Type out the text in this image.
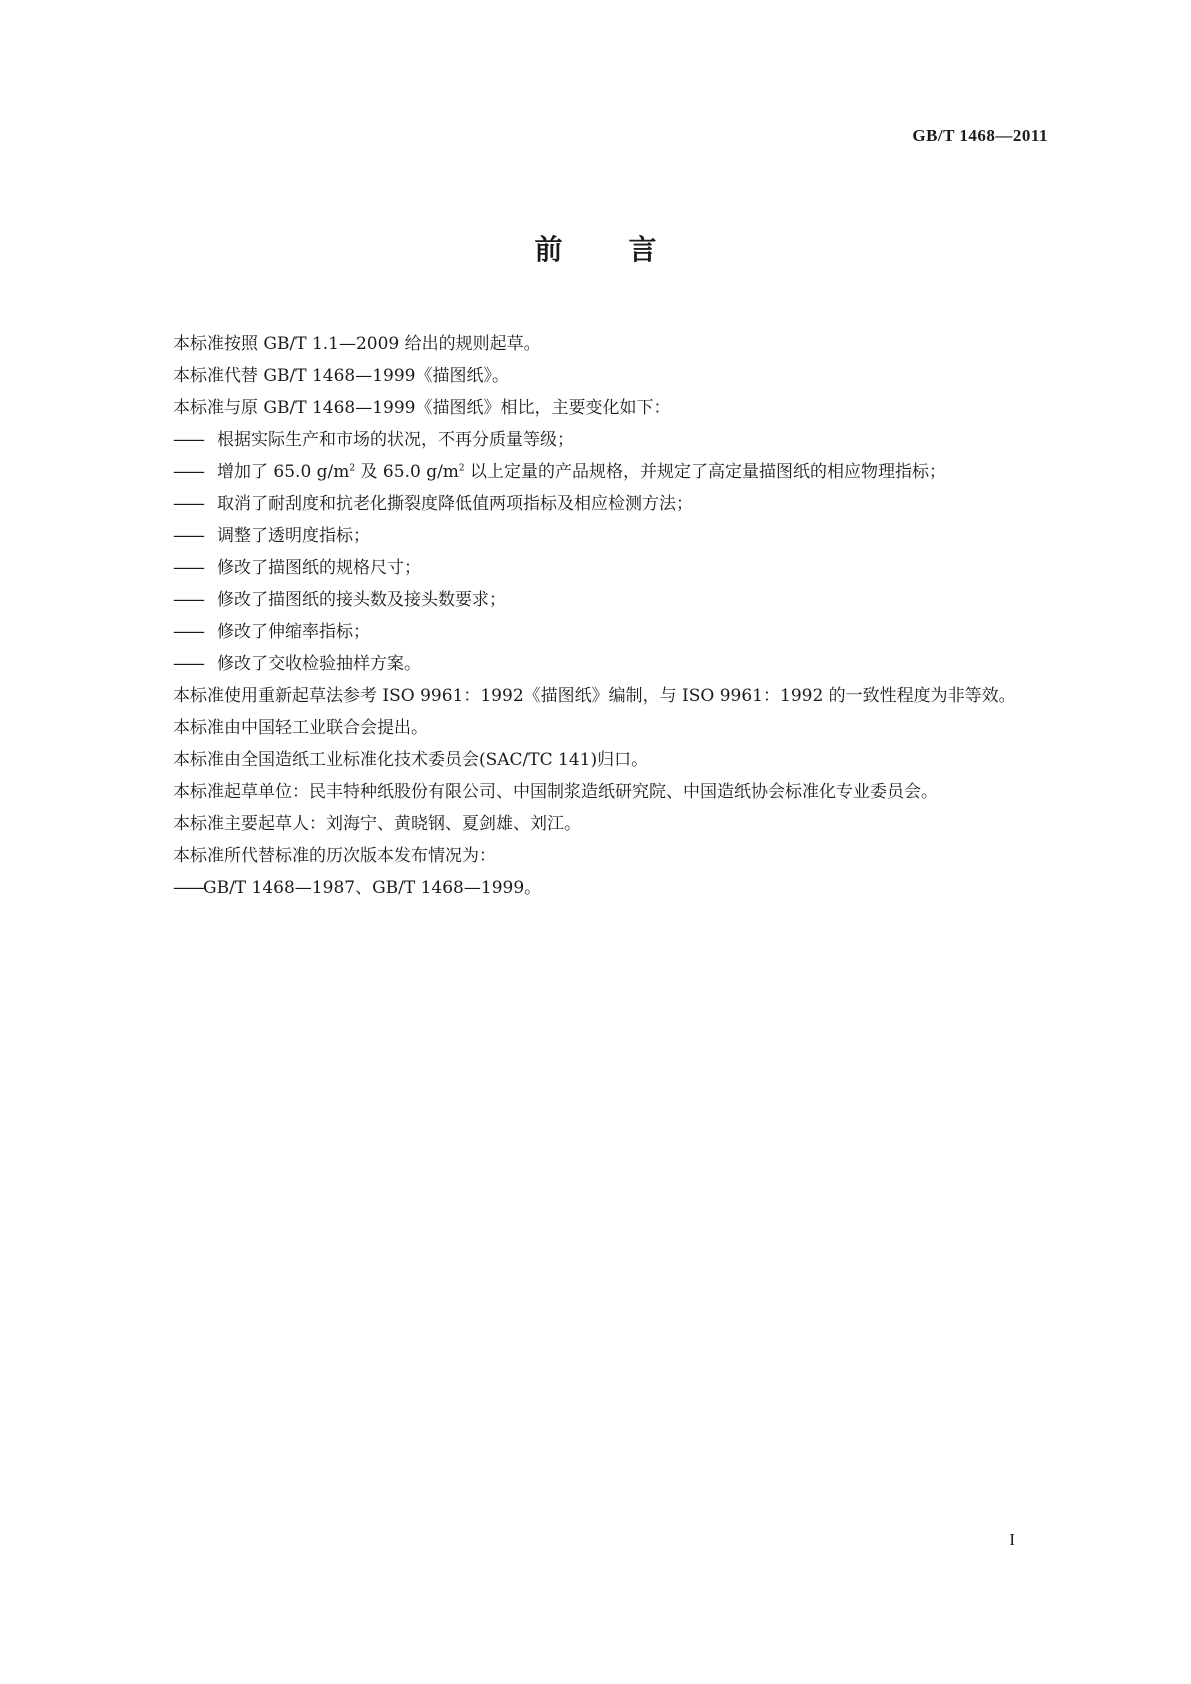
GB/T 1468—2011
前言

本标准按照 GB/T 1.1—2009 给出的规则起草。

本标准代替 GB/T 1468—1999《描图纸》。

本标准与原 GB/T 1468—1999《描图纸》相比，主要变化如下：

—— 根据实际生产和市场的状况，不再分质量等级；

—— 增加了 65.0 $g/m^2$ 及 65.0 $g/m^2$ 以上定量的产品规格，并规定了高定量描图纸的相应物理指标；

—— 取消了耐刮度和抗老化撕裂度降低值两项指标及相应检测方法；

—— 调整了透明度指标；

—— 修改了描图纸的规格尺寸；

—— 修改了描图纸的接头数及接头数要求；

—— 修改了伸缩率指标；

—— 修改了交收检验抽样方案。

本标准使用重新起草法参考 ISO 9961：1992《描图纸》编制，与 ISO 9961：1992 的一致性程度为非等效。

本标准由中国轻工业联合会提出。

本标准由全国造纸工业标准化技术委员会(SAC/TC 141)归口。

本标准起草单位：民丰特种纸股份有限公司、中国制浆造纸研究院、中国造纸协会标准化专业委员会。

本标准主要起草人：刘海宁、黄晓钢、夏剑雄、刘江。

本标准所代替标准的历次版本发布情况为：

——GB/T 1468—1987、GB/T 1468—1999。

I
